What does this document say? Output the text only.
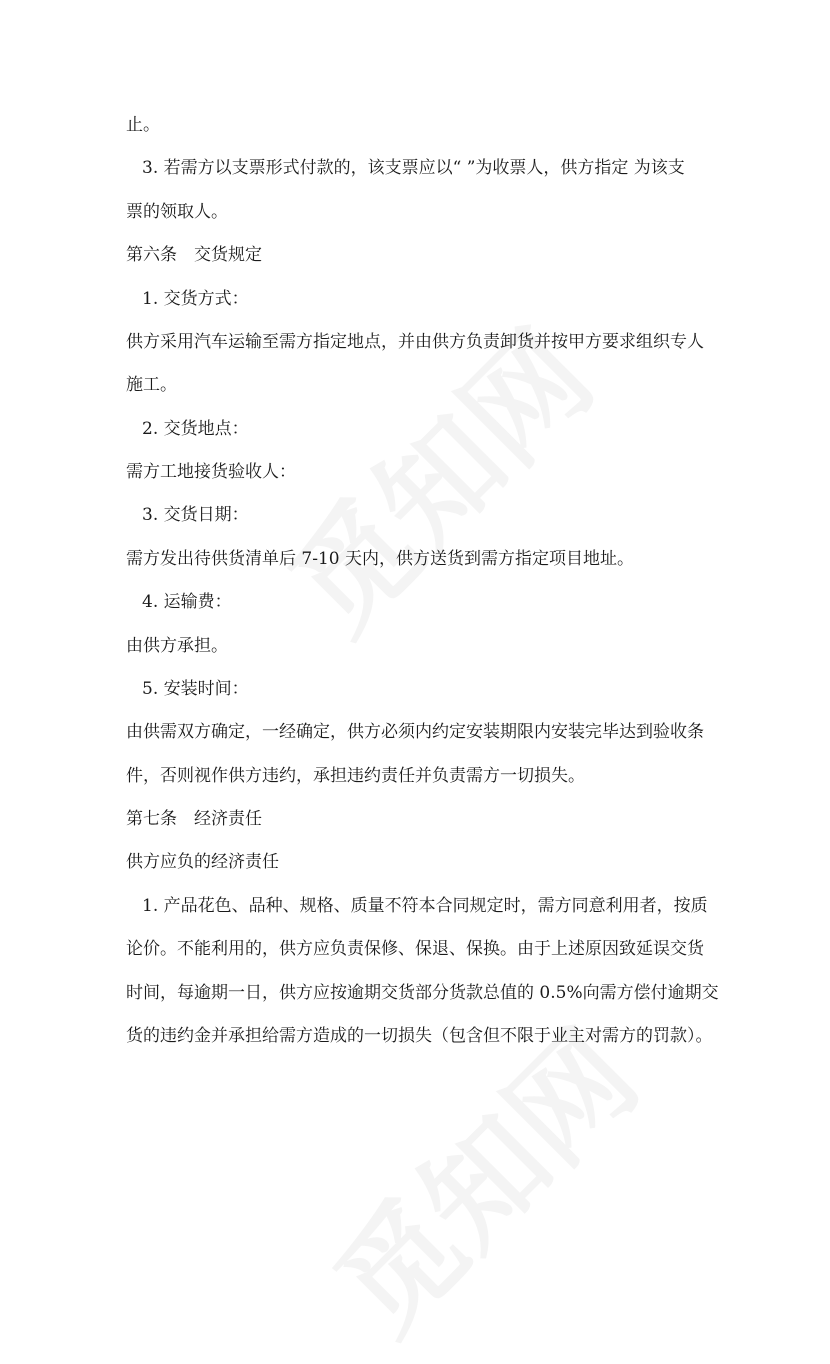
止。
3. 若需方以支票形式付款的，该支票应以“ ”为收票人，供方指定 为该支
票的领取人。
第六条　交货规定
1. 交货方式：
供方采用汽车运输至需方指定地点，并由供方负责卸货并按甲方要求组织专人
施工。
2. 交货地点：
需方工地接货验收人：
3. 交货日期：
需方发出待供货清单后 7-10 天内，供方送货到需方指定项目地址。
4. 运输费：
由供方承担。
5. 安装时间：
由供需双方确定，一经确定，供方必须内约定安装期限内安装完毕达到验收条
件，否则视作供方违约，承担违约责任并负责需方一切损失。
第七条　经济责任
供方应负的经济责任
1. 产品花色、品种、规格、质量不符本合同规定时，需方同意利用者，按质
论价。不能利用的，供方应负责保修、保退、保换。由于上述原因致延误交货
时间，每逾期一日，供方应按逾期交货部分货款总值的 0.5%向需方偿付逾期交
货的违约金并承担给需方造成的一切损失（包含但不限于业主对需方的罚款）。
